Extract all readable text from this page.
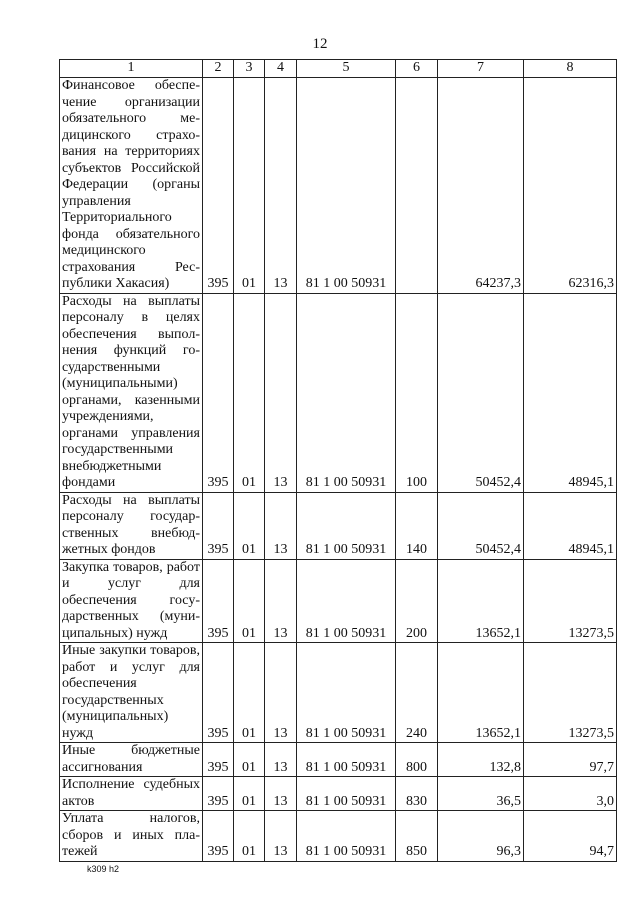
12
1	2	3	4	5	6	7	8
Финансовое обеспечение организации обязательного медицинского страхования на территориях субъектов Российской Федерации (органы управления Территориального фонда обязательного медицинского страхования Республики Хакасия)	395	01	13	81 1 00 50931		64237,3	62316,3
Расходы на выплаты персоналу в целях обеспечения выполнения функций государственными (муниципальными) органами, казенными учреждениями, органами управления государственными внебюджетными фондами	395	01	13	81 1 00 50931	100	50452,4	48945,1
Расходы на выплаты персоналу государственных внебюджетных фондов	395	01	13	81 1 00 50931	140	50452,4	48945,1
Закупка товаров, работ и услуг для обеспечения государственных (муниципальных) нужд	395	01	13	81 1 00 50931	200	13652,1	13273,5
Иные закупки товаров, работ и услуг для обеспечения государственных (муниципальных) нужд	395	01	13	81 1 00 50931	240	13652,1	13273,5
Иные бюджетные ассигнования	395	01	13	81 1 00 50931	800	132,8	97,7
Исполнение судебных актов	395	01	13	81 1 00 50931	830	36,5	3,0
Уплата налогов, сборов и иных платежей	395	01	13	81 1 00 50931	850	96,3	94,7
k309 h2
